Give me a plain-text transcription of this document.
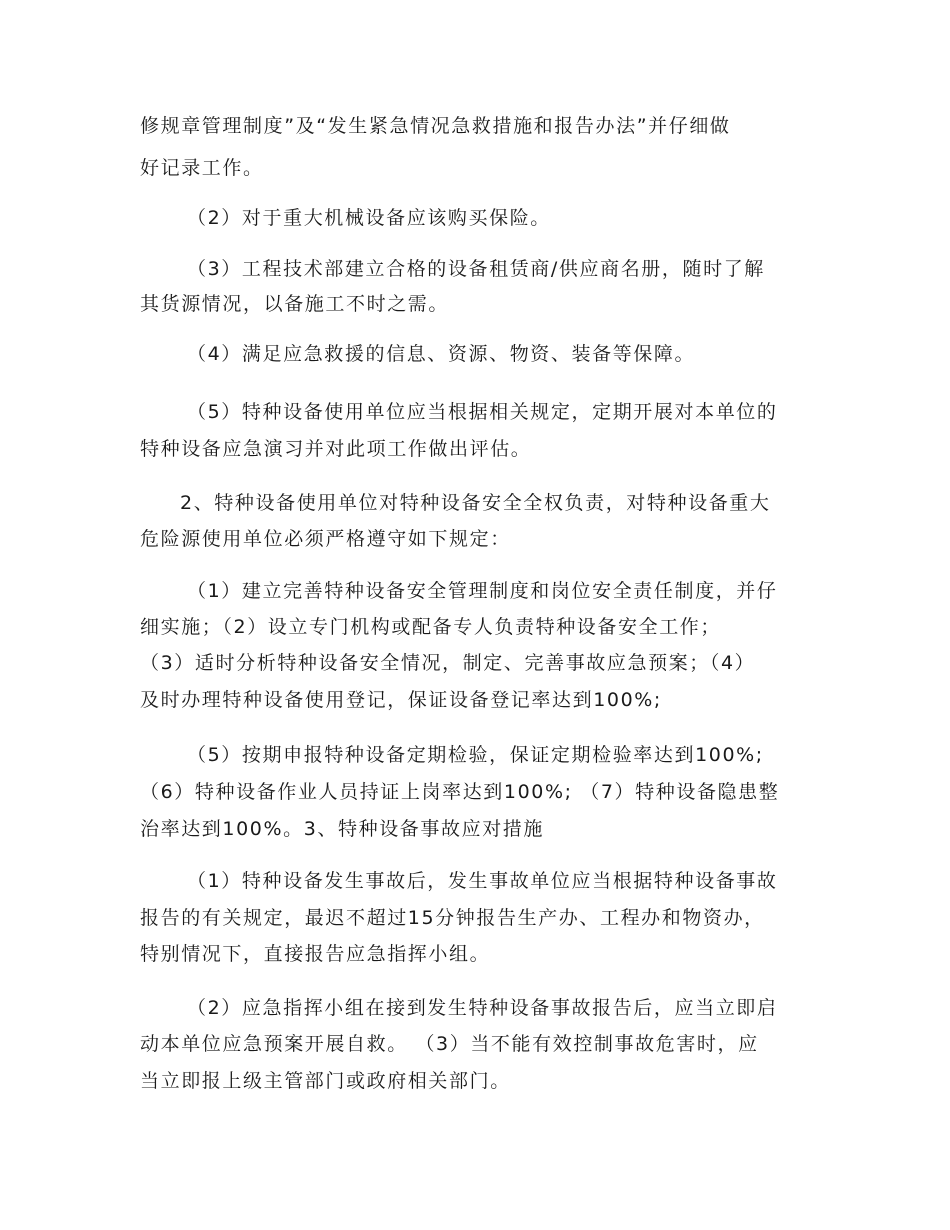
修规章管理制度”及“发生紧急情况急救措施和报告办法”并仔细做
好记录工作。
（2）对于重大机械设备应该购买保险。
（3）工程技术部建立合格的设备租赁商/供应商名册，随时了解
其货源情况，以备施工不时之需。
（4）满足应急救援的信息、资源、物资、装备等保障。
（5）特种设备使用单位应当根据相关规定，定期开展对本单位的
特种设备应急演习并对此项工作做出评估。
2、特种设备使用单位对特种设备安全全权负责，对特种设备重大
危险源使用单位必须严格遵守如下规定：
（1）建立完善特种设备安全管理制度和岗位安全责任制度，并仔
细实施；（2）设立专门机构或配备专人负责特种设备安全工作；
（3）适时分析特种设备安全情况，制定、完善事故应急预案；（4）
及时办理特种设备使用登记，保证设备登记率达到100%;
（5）按期申报特种设备定期检验，保证定期检验率达到100%;
（6）特种设备作业人员持证上岗率达到100%; （7）特种设备隐患整
治率达到100%。3、特种设备事故应对措施
（1）特种设备发生事故后，发生事故单位应当根据特种设备事故
报告的有关规定，最迟不超过15分钟报告生产办、工程办和物资办，
特别情况下，直接报告应急指挥小组。
（2）应急指挥小组在接到发生特种设备事故报告后，应当立即启
动本单位应急预案开展自救。 （3）当不能有效控制事故危害时，应
当立即报上级主管部门或政府相关部门。
